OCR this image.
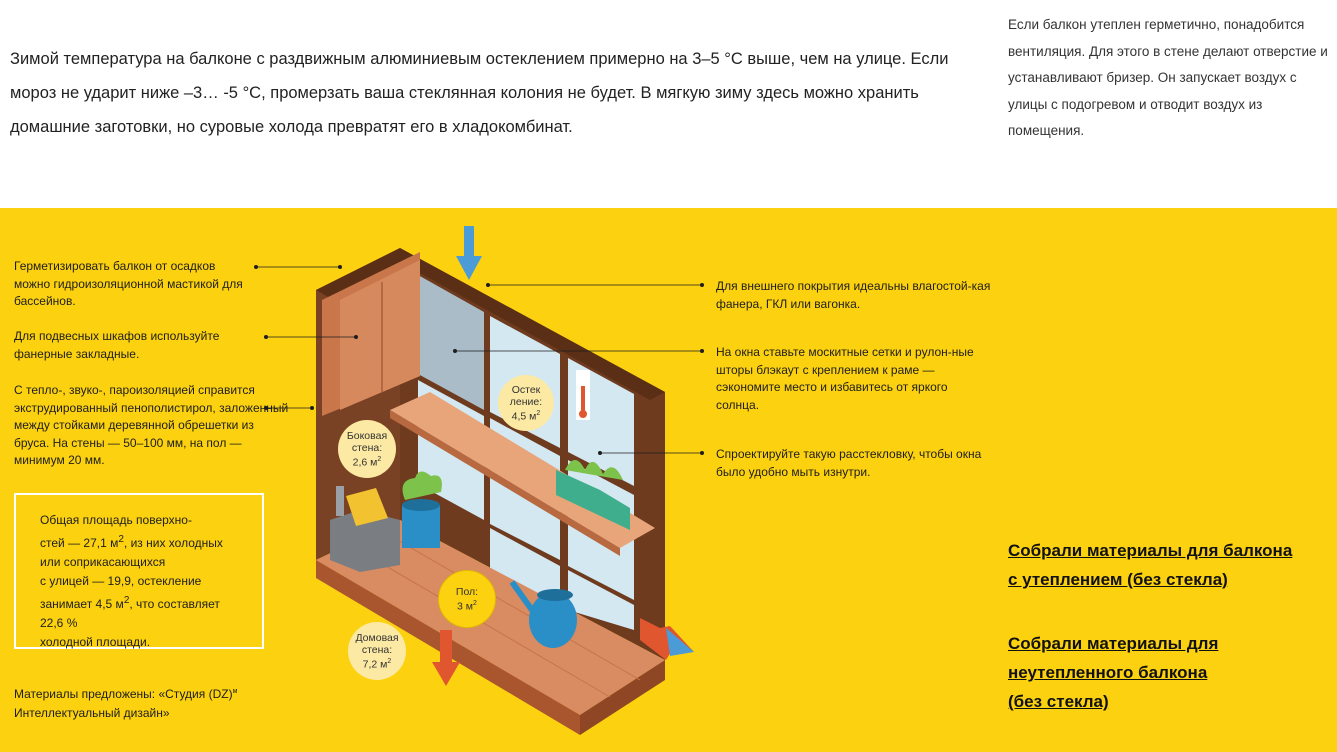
Зимой температура на балконе с раздвижным алюминиевым остеклением примерно на 3–5 °С выше, чем на улице. Если мороз не ударит ниже –3… -5 °С, промерзать ваша стеклянная колония не будет. В мягкую зиму здесь можно хранить домашние заготовки, но суровые холода превратят его в хладокомбинат.
Если балкон утеплен герметично, понадобится вентиляция. Для этого в стене делают отверстие и устанавливают бризер. Он запускает воздух с улицы с подогревом и отводит воздух из помещения.
Герметизировать балкон от осадков можно гидроизоляционной мастикой для бассейнов.
Для подвесных шкафов используйте фанерные закладные.
С тепло-, звуко-, пароизоляцией справится экструдированный пенополистирол, заложенный между стойками деревянной обрешетки из бруса. На стены — 50–100 мм, на пол — минимум 20 мм.
Для внешнего покрытия идеальны влагостой-кая фанера, ГКЛ или вагонка.
На окна ставьте москитные сетки и рулон-ные шторы блэкаут с креплением к раме — сэкономите место и избавитесь от яркого солнца.
Спроектируйте такую расстекловку, чтобы окна было удобно мыть изнутри.
Общая площадь поверхно-
стей — 27,1 $м^2$, из них холодных
или соприкасающихся
с улицей — 19,9, остекление
занимает 4,5 $м^2$, что составляет
22,6 %
холодной площади.
Материалы предложены: «Студия (DZ)$^м$
Интеллектуальный дизайн»
Боковая
стена:
2,6 $м^2$
Остек
ление:
4,5 $м^2$
Пол:
3 $м^2$
Домовая
стена:
7,2 $м^2$
Собрали материалы для балкона
с утеплением (без стекла)
Собрали материалы для
неутепленного балкона
(без стекла)
